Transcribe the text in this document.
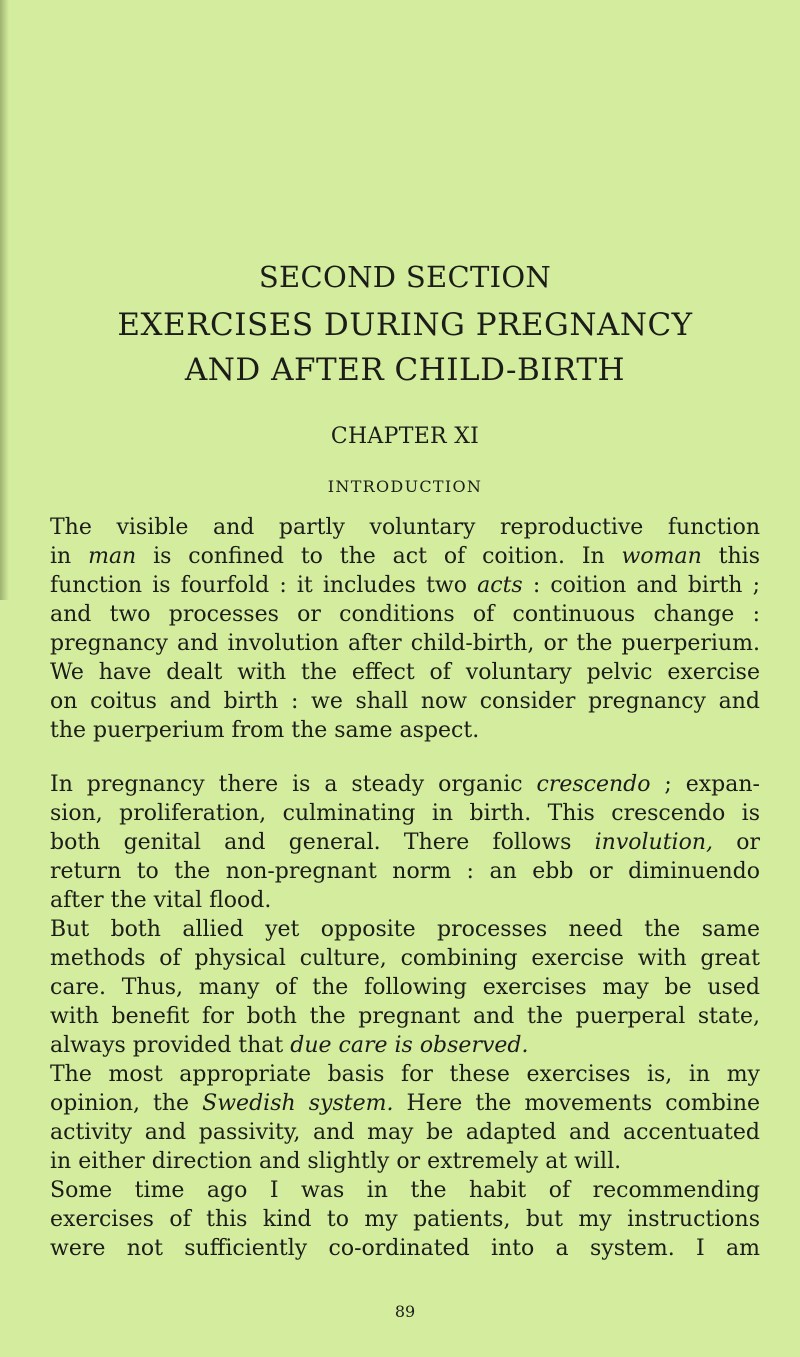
SECOND SECTION
EXERCISES DURING PREGNANCY
AND AFTER CHILD-BIRTH
CHAPTER XI
INTRODUCTION
The visible and partly voluntary reproductive function
in man is confined to the act of coition. In woman this
function is fourfold : it includes two acts : coition and birth ;
and two processes or conditions of continuous change :
pregnancy and involution after child-birth, or the puerperium.
We have dealt with the effect of voluntary pelvic exercise
on coitus and birth : we shall now consider pregnancy and
the puerperium from the same aspect.
In pregnancy there is a steady organic crescendo ; expan-
sion, proliferation, culminating in birth. This crescendo is
both genital and general. There follows involution, or
return to the non-pregnant norm : an ebb or diminuendo
after the vital flood.
But both allied yet opposite processes need the same
methods of physical culture, combining exercise with great
care. Thus, many of the following exercises may be used
with benefit for both the pregnant and the puerperal state,
always provided that due care is observed.
The most appropriate basis for these exercises is, in my
opinion, the Swedish system. Here the movements combine
activity and passivity, and may be adapted and accentuated
in either direction and slightly or extremely at will.
Some time ago I was in the habit of recommending
exercises of this kind to my patients, but my instructions
were not sufficiently co-ordinated into a system. I am
89
